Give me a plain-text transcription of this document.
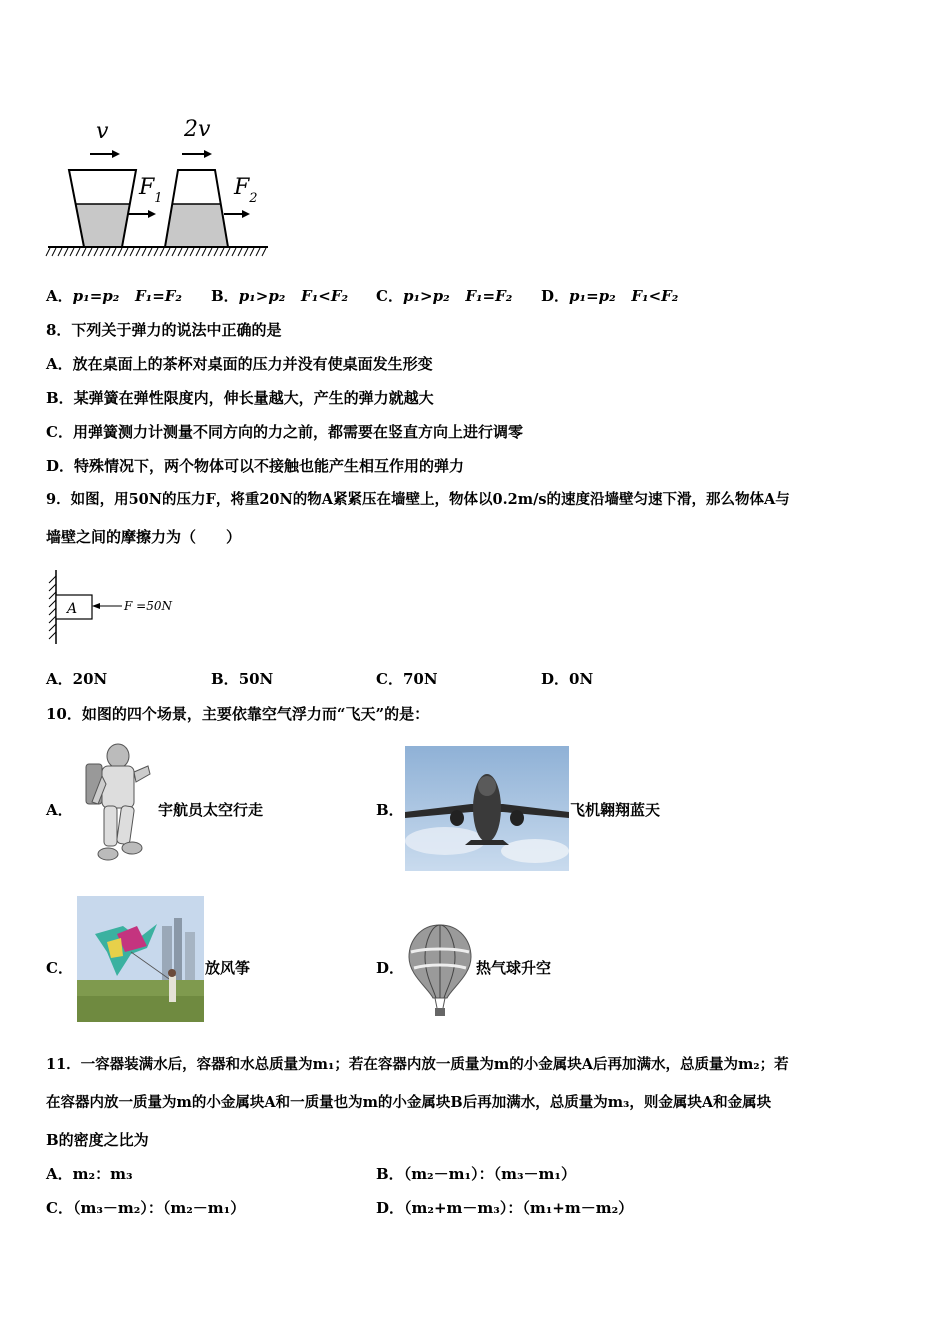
v	2v
$F_1$	$F_2$
A．p₁=p₂ F₁=F₂ B．p₁>p₂ F₁<F₂ C．p₁>p₂ F₁=F₂ D．p₁=p₂ F₁<F₂
8．下列关于弹力的说法中正确的是
A．放在桌面上的茶杯对桌面的压力并没有使桌面发生形变
B．某弹簧在弹性限度内，伸长量越大，产生的弹力就越大
C．用弹簧测力计测量不同方向的力之前，都需要在竖直方向上进行调零
D．特殊情况下，两个物体可以不接触也能产生相互作用的弹力
9．如图，用50N的压力F，将重20N的物A紧紧压在墙壁上，物体以0.2m/s的速度沿墙壁匀速下滑，那么物体A与
墙壁之间的摩擦力为（　　）
A	F =50N
A．20N	B．50N	C．70N	D．0N
10．如图的四个场景，主要依靠空气浮力而“飞天”的是：
A．	宇航员太空行走	B．	飞机翱翔蓝天
C．	放风筝	D．	热气球升空
11．一容器装满水后，容器和水总质量为m₁；若在容器内放一质量为m的小金属块A后再加满水，总质量为m₂；若
在容器内放一质量为m的小金属块A和一质量也为m的小金属块B后再加满水，总质量为m₃，则金属块A和金属块
B的密度之比为
A．m₂：m₃	B．（m₂－m₁）：（m₃－m₁）
C．（m₃－m₂）：（m₂－m₁）	D．（m₂+m－m₃）：（m₁+m－m₂）
